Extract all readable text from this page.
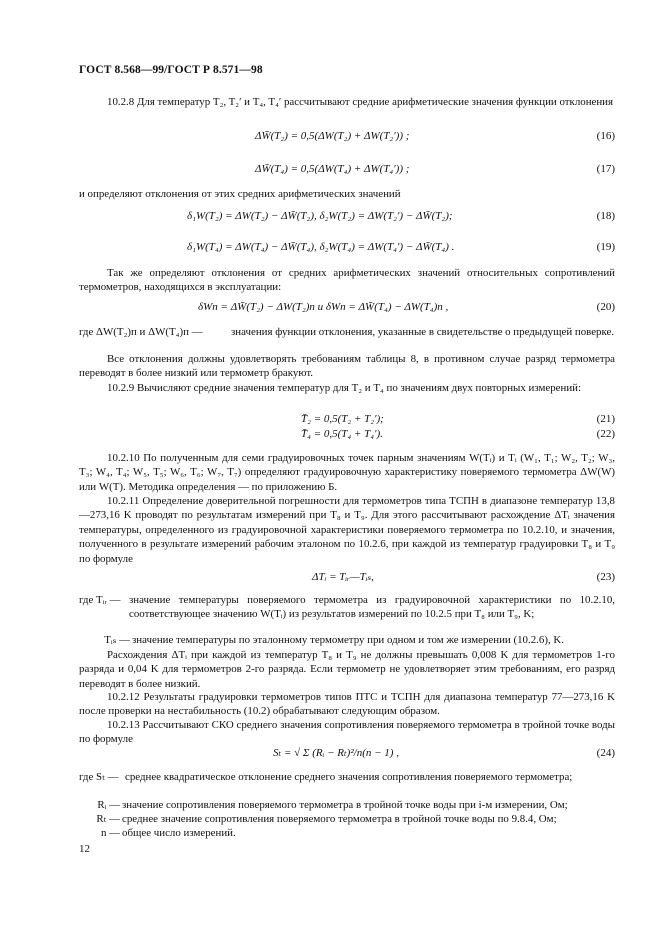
ГОСТ 8.568—99/ГОСТ Р 8.571—98

10.2.8 Для температур T₂, T₂′ и T₄, T₄′ рассчитывают средние арифметические значения функции отклонения

ΔW̄(T₂) = 0,5(ΔW(T₂) + ΔW(T₂′)) ;	(16)
ΔW̄(T₄) = 0,5(ΔW(T₄) + ΔW(T₄′)) ;	(17)

и определяют отклонения от этих средних арифметических значений

δ₁W(T₂) = ΔW(T₂) − ΔW̄(T₂), δ₂W(T₂) = ΔW(T₂′) − ΔW̄(T₂);	(18)
δ₁W(T₄) = ΔW(T₄) − ΔW̄(T₄), δ₂W(T₄) = ΔW(T₄′) − ΔW̄(T₄) .	(19)

Так же определяют отклонения от средних арифметических значений относительных сопротивлений термометров, находящихся в эксплуатации:

δWп = ΔW̄(T₂) − ΔW(T₂)п и δWп = ΔW̄(T₄) − ΔW(T₄)п ,	(20)
где ΔW(T₂)п и ΔW(T₄)п —	значения функции отклонения, указанные в свидетельстве о предыдущей поверке.

Все отклонения должны удовлетворять требованиям таблицы 8, в противном случае разряд термометра переводят в более низкий или термометр бракуют.

10.2.9 Вычисляют средние значения температур для T₂ и T₄ по значениям двух повторных измерений:

T̄₂ = 0,5(T₂ + T₂′);	(21)
T̄₄ = 0,5(T₄ + T₄′).	(22)

10.2.10 По полученным для семи градуировочных точек парным значениям W(Tᵢ) и Tᵢ (W₁, T₁; W₂, T₂; W₃, T₃; W₄, T₄; W₅, T₅; W₆, T₆; W₇, T₇) определяют градуировочную характеристику поверяемого термометра ΔW(W) или W(T). Методика определения — по приложению Б.

10.2.11 Определение доверительной погрешности для термометров типа ТСПН в диапазоне температур 13,8—273,16 K проводят по результатам измерений при T₈ и T₉. Для этого рассчитывают расхождение ΔTᵢ значения температуры, определенного из градуировочной характеристики поверяемого термометра по 10.2.10, и значения, полученного в результате измерений рабочим эталоном по 10.2.6, при каждой из температур градуировки T₈ и T₉ по формуле

ΔTᵢ = Tᵢᵣ—Tᵢₛ,	(23)
где Tᵢᵣ — значение температуры поверяемого термометра из градуировочной характеристики по 10.2.10, соответствующее значению W(Tᵢ) из результатов измерений по 10.2.5 при T₈ или T₉, K;
Tᵢₛ — значение температуры по эталонному термометру при одном и том же измерении (10.2.6), K.

Расхождения ΔTᵢ при каждой из температур T₈ и T₉ не должны превышать 0,008 K для термометров 1-го разряда и 0,04 K для термометров 2-го разряда. Если термометр не удовлетворяет этим требованиям, его разряд переводят в более низкий.

10.2.12 Результаты градуировки термометров типов ПТС и ТСПН для диапазона температур 77—273,16 K после проверки на нестабильность (10.2) обрабатывают следующим образом.

10.2.13 Рассчитывают СКО среднего значения сопротивления поверяемого термометра в тройной точке воды по формуле

Sₜ = √ Σ (Rᵢ − Rₜ)²/n(n − 1) ,	(24)
где Sₜ — среднее квадратическое отклонение среднего значения сопротивления поверяемого термометра;
Rᵢ — значение сопротивления поверяемого термометра в тройной точке воды при i-м измерении, Ом;
Rₜ — среднее значение сопротивления поверяемого термометра в тройной точке воды по 9.8.4, Ом;
n — общее число измерений.
12
